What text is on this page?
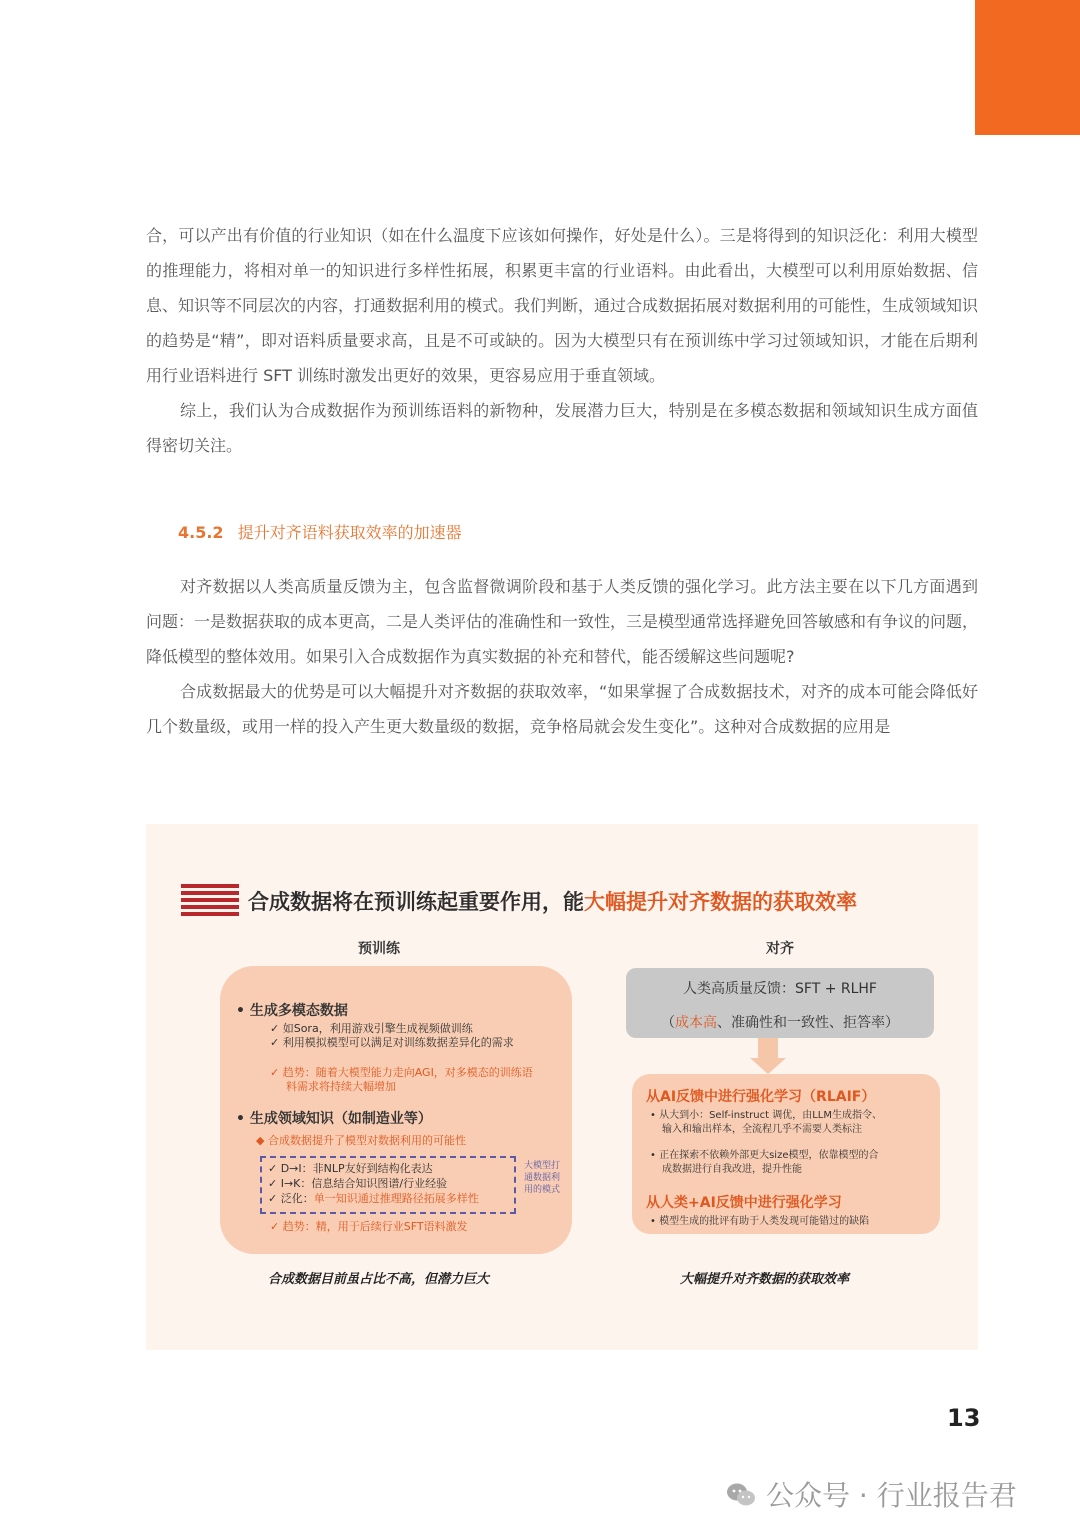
合，可以产出有价值的行业知识（如在什么温度下应该如何操作，好处是什么）。三是将得到的知识泛化：利用大模型的推理能力，将相对单一的知识进行多样性拓展，积累更丰富的行业语料。由此看出，大模型可以利用原始数据、信息、知识等不同层次的内容，打通数据利用的模式。我们判断，通过合成数据拓展对数据利用的可能性，生成领域知识的趋势是“精”，即对语料质量要求高，且是不可或缺的。因为大模型只有在预训练中学习过领域知识，才能在后期利用行业语料进行 SFT 训练时激发出更好的效果，更容易应用于垂直领域。

综上，我们认为合成数据作为预训练语料的新物种，发展潜力巨大，特别是在多模态数据和领域知识生成方面值得密切关注。

4.5.2 提升对齐语料获取效率的加速器

对齐数据以人类高质量反馈为主，包含监督微调阶段和基于人类反馈的强化学习。此方法主要在以下几方面遇到问题：一是数据获取的成本更高，二是人类评估的准确性和一致性，三是模型通常选择避免回答敏感和有争议的问题，降低模型的整体效用。如果引入合成数据作为真实数据的补充和替代，能否缓解这些问题呢?

合成数据最大的优势是可以大幅提升对齐数据的获取效率，“如果掌握了合成数据技术，对齐的成本可能会降低好几个数量级，或用一样的投入产生更大数量级的数据，竞争格局就会发生变化”。这种对合成数据的应用是

合成数据将在预训练起重要作用，能大幅提升对齐数据的获取效率
预训练	对齐
• 生成多模态数据
✓ 如Sora，利用游戏引擎生成视频做训练
✓ 利用模拟模型可以满足对训练数据差异化的需求
✓ 趋势：随着大模型能力走向AGI，对多模态的训练语
料需求将持续大幅增加
• 生成领域知识（如制造业等）
◆ 合成数据提升了模型对数据利用的可能性
✓ D→I：非NLP友好到结构化表达
✓ I→K：信息结合知识图谱/行业经验
✓ 泛化：单一知识通过推理路径拓展多样性
大模型打通数据利用的模式
✓ 趋势：精，用于后续行业SFT语料激发
人类高质量反馈：SFT + RLHF
（成本高、准确性和一致性、拒答率）
从AI反馈中进行强化学习（RLAIF）
• 从大到小：Self-instruct 调优，由LLM生成指令、
输入和输出样本，全流程几乎不需要人类标注
• 正在探索不依赖外部更大size模型，依靠模型的合
成数据进行自我改进，提升性能
从人类+AI反馈中进行强化学习
• 模型生成的批评有助于人类发现可能错过的缺陷
合成数据目前虽占比不高，但潜力巨大	大幅提升对齐数据的获取效率
13
公众号 · 行业报告君
